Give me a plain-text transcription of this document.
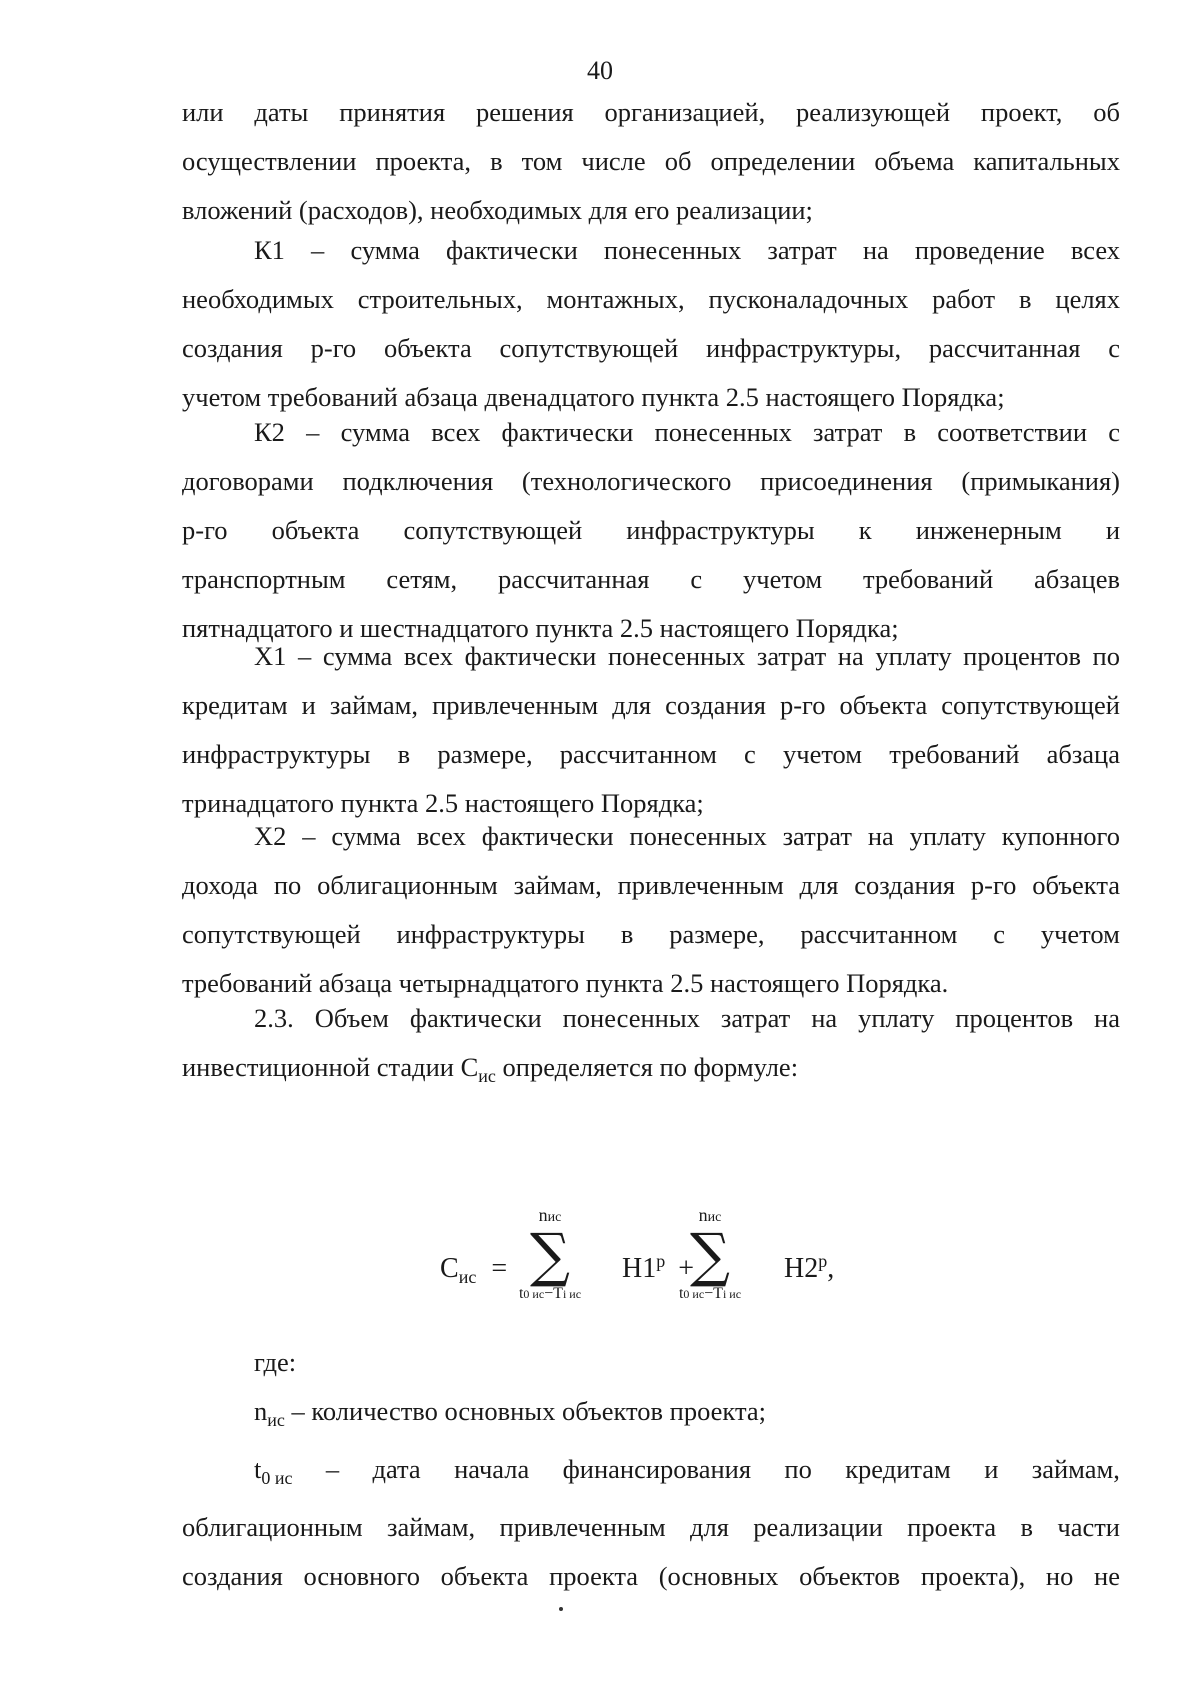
40
или даты принятия решения организацией, реализующей проект, об
осуществлении проекта, в том числе об определении объема капитальных
вложений (расходов), необходимых для его реализации;
К1 – сумма фактически понесенных затрат на проведение всех
необходимых строительных, монтажных, пусконаладочных работ в целях
создания р-го объекта сопутствующей инфраструктуры, рассчитанная с
учетом требований абзаца двенадцатого пункта 2.5 настоящего Порядка;
К2 – сумма всех фактически понесенных затрат в соответствии с
договорами подключения (технологического присоединения (примыкания)
р-го объекта сопутствующей инфраструктуры к инженерным и
транспортным сетям, рассчитанная с учетом требований абзацев
пятнадцатого и шестнадцатого пункта 2.5 настоящего Порядка;
Х1 – сумма всех фактически понесенных затрат на уплату процентов по
кредитам и займам, привлеченным для создания р-го объекта сопутствующей
инфраструктуры в размере, рассчитанном с учетом требований абзаца
тринадцатого пункта 2.5 настоящего Порядка;
Х2 – сумма всех фактически понесенных затрат на уплату купонного
дохода по облигационным займам, привлеченным для создания р-го объекта
сопутствующей инфраструктуры в размере, рассчитанном с учетом
требований абзаца четырнадцатого пункта 2.5 настоящего Порядка.
2.3. Объем фактически понесенных затрат на уплату процентов на
инвестиционной стадии $С_{ис}$ определяется по формуле:
$С_{ис}$ =
nис
∑
t0 ис−Ti ис
$Н1^р$ +
nис
∑
t0 ис−Ti ис
$Н2^р$,
где:
$n_{ис}$ – количество основных объектов проекта;
$t_{0 ис}$ – дата начала финансирования по кредитам и займам,
облигационным займам, привлеченным для реализации проекта в части
создания основного объекта проекта (основных объектов проекта), но не
